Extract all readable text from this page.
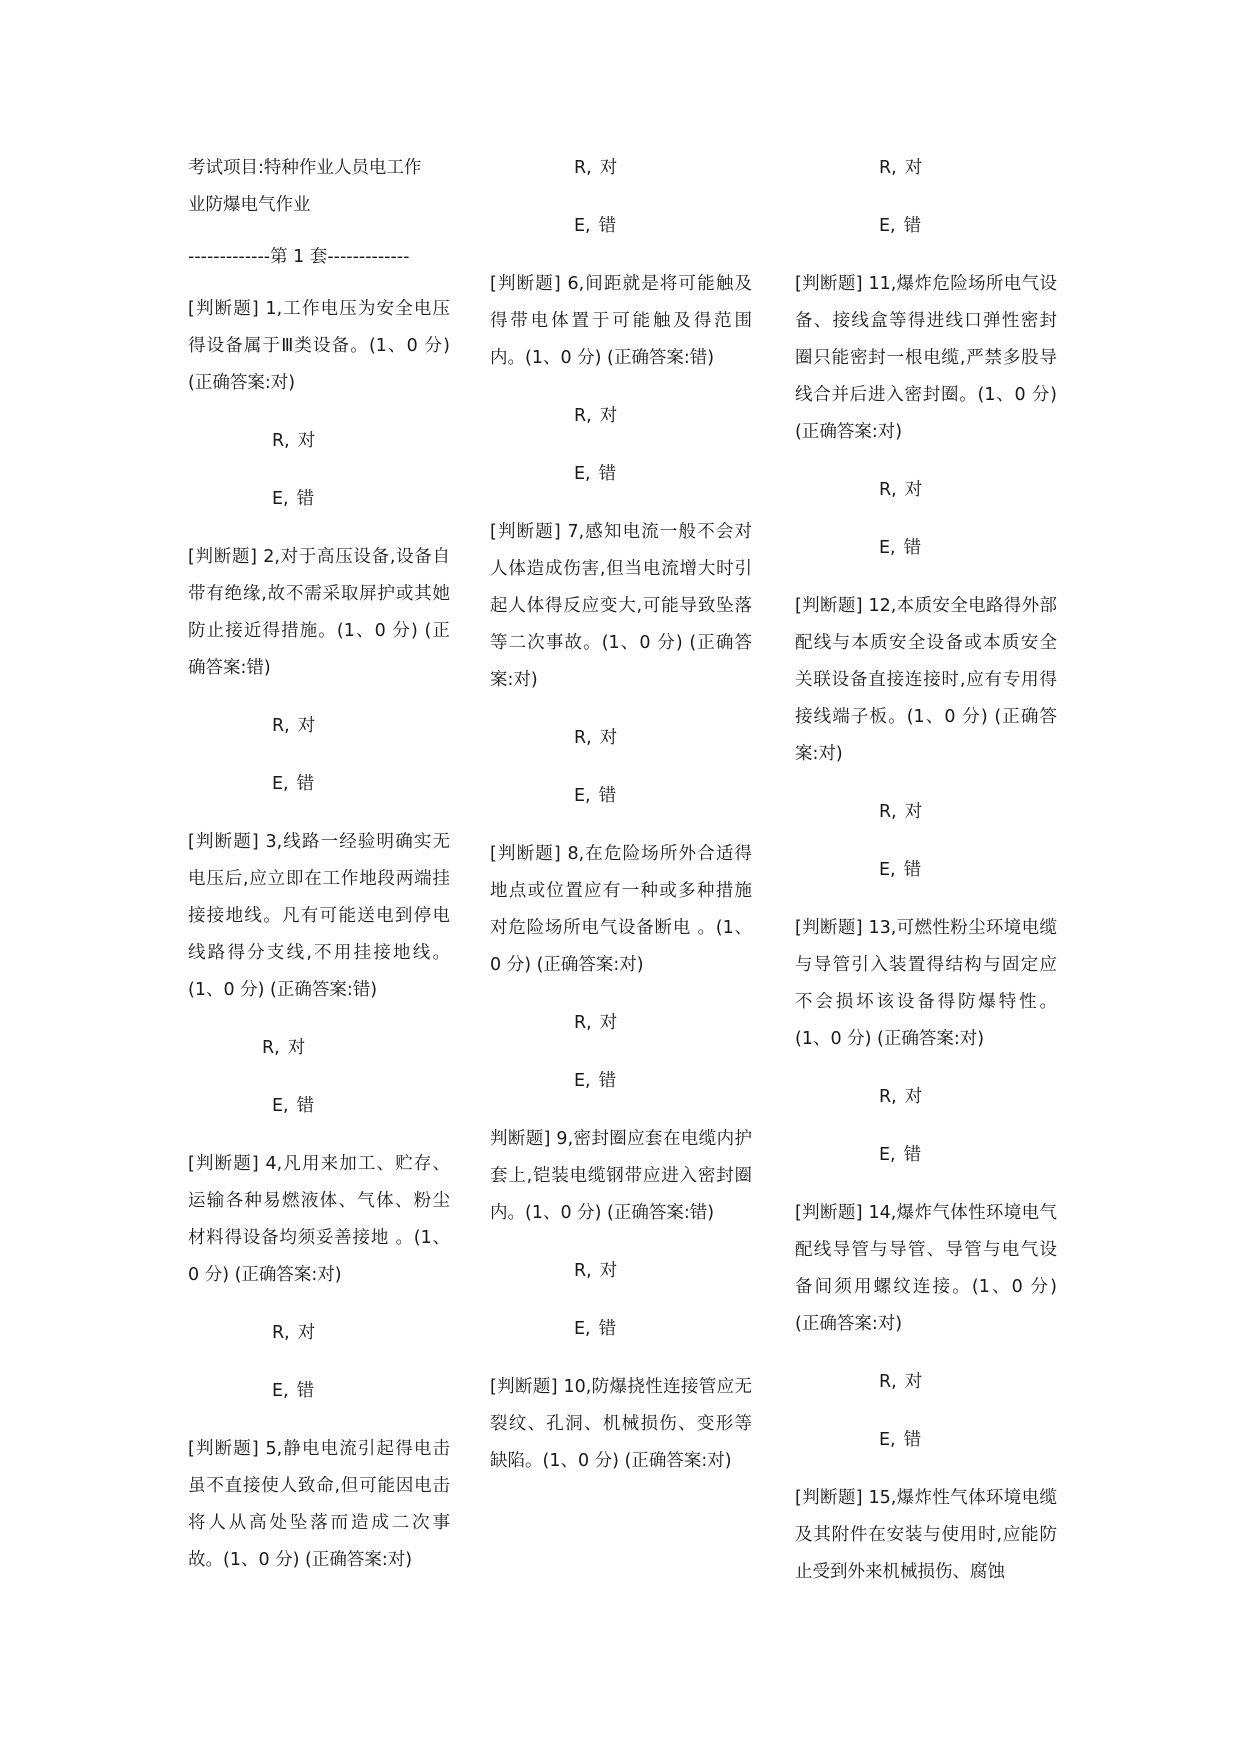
考试项目:特种作业人员电工作
业防爆电气作业

-------------第 1 套-------------

[判断题] 1,工作电压为安全电压得设备属于Ⅲ类设备。(1、0 分) (正确答案:对)

R, 对

E, 错

[判断题] 2,对于高压设备,设备自带有绝缘,故不需采取屏护或其她防止接近得措施。(1、0 分) (正确答案:错)

R, 对

E, 错

[判断题] 3,线路一经验明确实无电压后,应立即在工作地段两端挂接接地线。凡有可能送电到停电线路得分支线,不用挂接地线。(1、0 分) (正确答案:错)

R, 对

E, 错

[判断题] 4,凡用来加工、贮存、运输各种易燃液体、气体、粉尘材料得设备均须妥善接地 。(1、0 分) (正确答案:对)

R, 对

E, 错

[判断题] 5,静电电流引起得电击虽不直接使人致命,但可能因电击将人从高处坠落而造成二次事故。(1、0 分) (正确答案:对)

R, 对

E, 错

[判断题] 6,间距就是将可能触及得带电体置于可能触及得范围内。(1、0 分) (正确答案:错)

R, 对

E, 错

[判断题] 7,感知电流一般不会对人体造成伤害,但当电流增大时引起人体得反应变大,可能导致坠落等二次事故。(1、0 分) (正确答案:对)

R, 对

E, 错

[判断题] 8,在危险场所外合适得地点或位置应有一种或多种措施对危险场所电气设备断电 。(1、0 分) (正确答案:对)

R, 对

E, 错

判断题] 9,密封圈应套在电缆内护套上,铠装电缆钢带应进入密封圈内。(1、0 分) (正确答案:错)

R, 对

E, 错

[判断题] 10,防爆挠性连接管应无裂纹、孔洞、机械损伤、变形等缺陷。(1、0 分) (正确答案:对)

R, 对

E, 错

[判断题] 11,爆炸危险场所电气设备、接线盒等得进线口弹性密封圈只能密封一根电缆,严禁多股导线合并后进入密封圈。(1、0 分) (正确答案:对)

R, 对

E, 错

[判断题] 12,本质安全电路得外部配线与本质安全设备或本质安全关联设备直接连接时,应有专用得接线端子板。(1、0 分) (正确答案:对)

R, 对

E, 错

[判断题] 13,可燃性粉尘环境电缆与导管引入装置得结构与固定应不会损坏该设备得防爆特性。(1、0 分) (正确答案:对)

R, 对

E, 错

[判断题] 14,爆炸气体性环境电气配线导管与导管、导管与电气设备间须用螺纹连接。(1、0 分) (正确答案:对)

R, 对

E, 错

[判断题] 15,爆炸性气体环境电缆及其附件在安装与使用时,应能防止受到外来机械损伤、腐蚀
